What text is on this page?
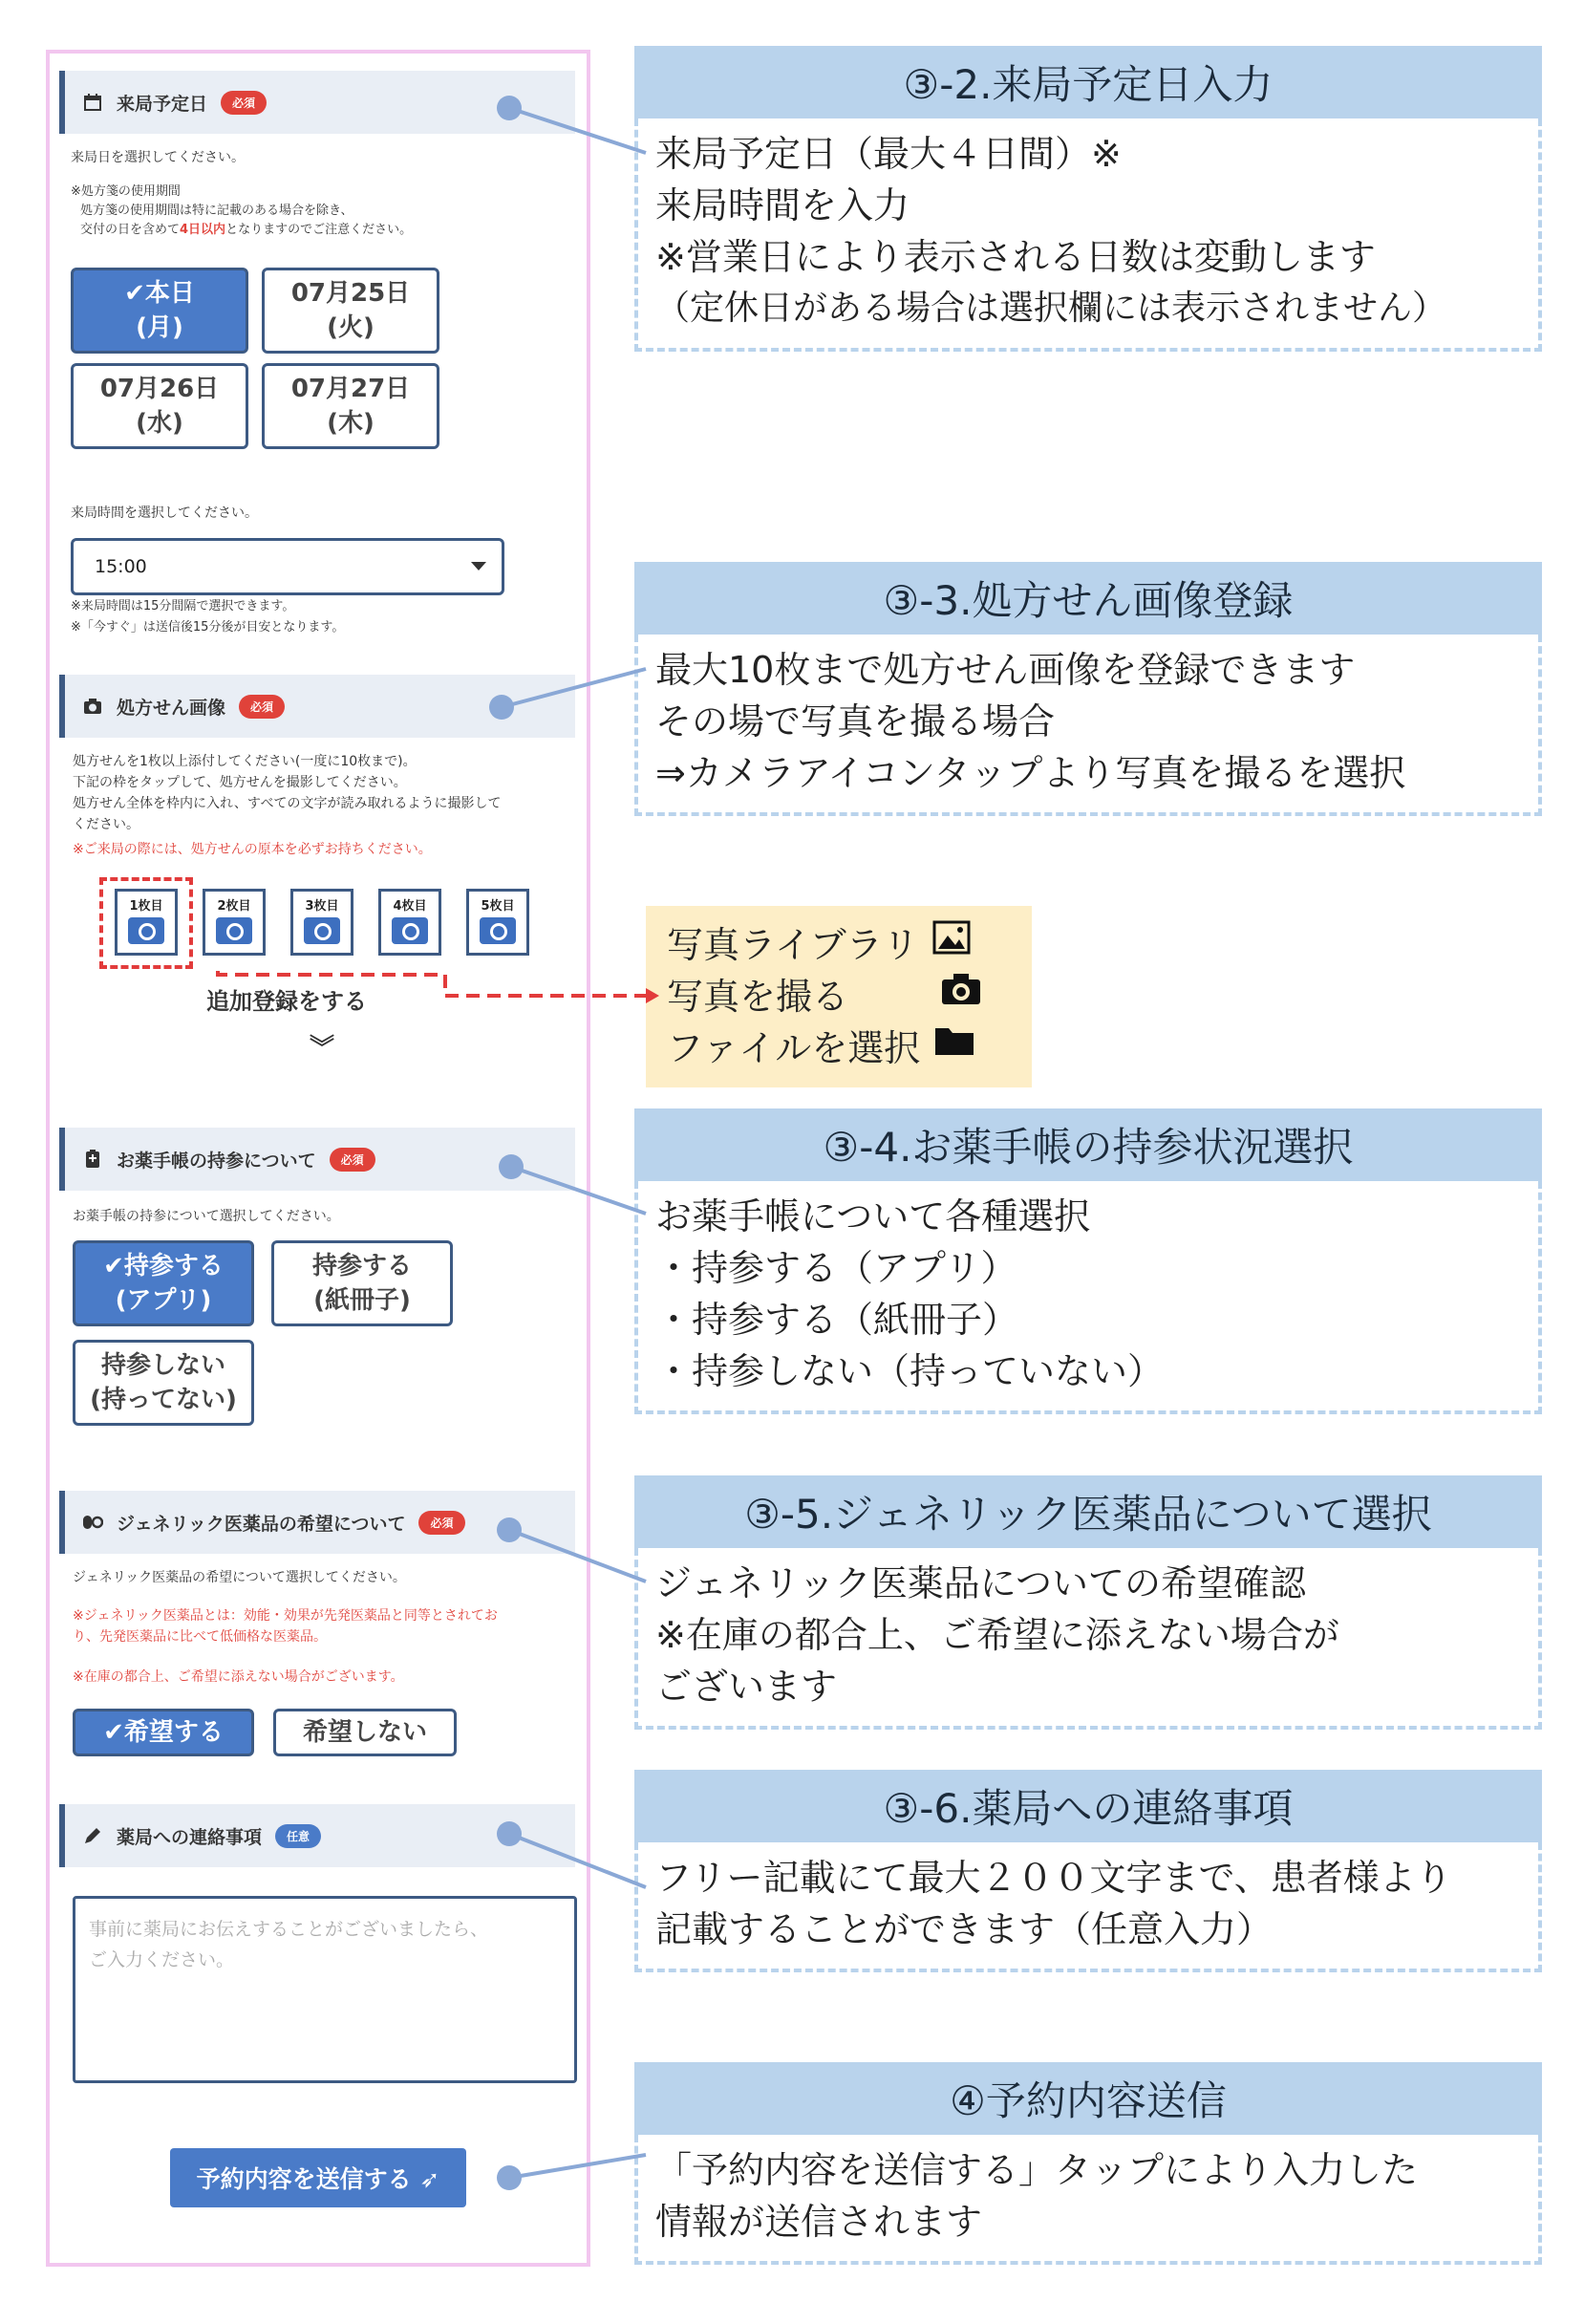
来局予定日	必須
来局日を選択してください。
※処方箋の使用期間
処方箋の使用期間は特に記載のある場合を除き、
交付の日を含めて4日以内となりますのでご注意ください。
✔本日
(月)
07月25日
(火)
07月26日
(水)
07月27日
(木)
来局時間を選択してください。
15:00
※来局時間は15分間隔で選択できます。
※「今すぐ」は送信後15分後が目安となります。
処方せん画像	必須
処方せんを1枚以上添付してください(一度に10枚まで)。
下記の枠をタップして、処方せんを撮影してください。
処方せん全体を枠内に入れ、すべての文字が読み取れるように撮影して
ください。
※ご来局の際には、処方せんの原本を必ずお持ちください。
1枚目	2枚目	3枚目	4枚目	5枚目
追加登録をする
︾
お薬手帳の持参について	必須
お薬手帳の持参について選択してください。
✔持参する
(アプリ)
持参する
(紙冊子)
持参しない
(持ってない)
ジェネリック医薬品の希望について	必須
ジェネリック医薬品の希望について選択してください。
※ジェネリック医薬品とは：効能・効果が先発医薬品と同等とされてお
り、先発医薬品に比べて低価格な医薬品。
※在庫の都合上、ご希望に添えない場合がございます。
✔希望する	希望しない
薬局への連絡事項	任意
事前に薬局にお伝えすることがございましたら、
ご入力ください。
予約内容を送信する ➶
③-2.来局予定日入力
来局予定日（最大４日間）※
来局時間を入力
※営業日により表示される日数は変動します
（定休日がある場合は選択欄には表示されません）
③-3.処方せん画像登録
最大10枚まで処方せん画像を登録できます
その場で写真を撮る場合
⇒カメラアイコンタップより写真を撮るを選択
写真ライブラリ
写真を撮る
ファイルを選択
③-4.お薬手帳の持参状況選択
お薬手帳について各種選択
・持参する（アプリ）
・持参する（紙冊子）
・持参しない（持っていない）
③-5.ジェネリック医薬品について選択
ジェネリック医薬品についての希望確認
※在庫の都合上、ご希望に添えない場合が
ございます
③-6.薬局への連絡事項
フリー記載にて最大２００文字まで、患者様より
記載することができます（任意入力）
④予約内容送信
「予約内容を送信する」タップにより入力した
情報が送信されます
